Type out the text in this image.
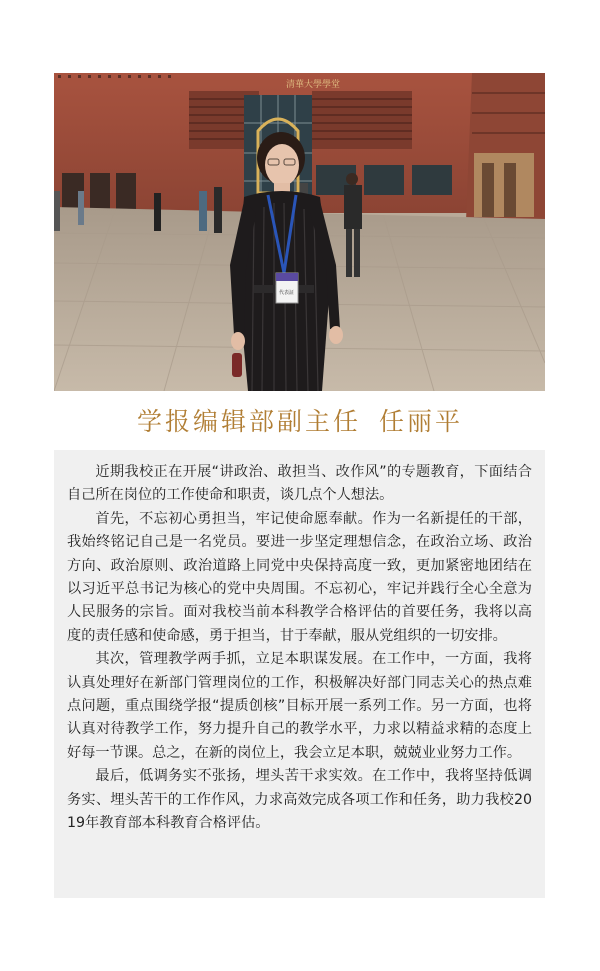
清華大學學堂
代表証
学报编辑部副主任 任丽平

近期我校正在开展“讲政治、敢担当、改作风”的专题教育，下面结合自己所在岗位的工作使命和职责，谈几点个人想法。

首先，不忘初心勇担当，牢记使命愿奉献。作为一名新提任的干部，我始终铭记自己是一名党员。要进一步坚定理想信念，在政治立场、政治方向、政治原则、政治道路上同党中央保持高度一致，更加紧密地团结在以习近平总书记为核心的党中央周围。不忘初心，牢记并践行全心全意为人民服务的宗旨。面对我校当前本科教学合格评估的首要任务，我将以高度的责任感和使命感，勇于担当，甘于奉献，服从党组织的一切安排。

其次，管理教学两手抓，立足本职谋发展。在工作中，一方面，我将认真处理好在新部门管理岗位的工作，积极解决好部门同志关心的热点难点问题，重点围绕学报“提质创核”目标开展一系列工作。另一方面，也将认真对待教学工作，努力提升自己的教学水平，力求以精益求精的态度上好每一节课。总之，在新的岗位上，我会立足本职，兢兢业业努力工作。

最后，低调务实不张扬，埋头苦干求实效。在工作中，我将坚持低调务实、埋头苦干的工作作风，力求高效完成各项工作和任务，助力我校2019年教育部本科教育合格评估。
